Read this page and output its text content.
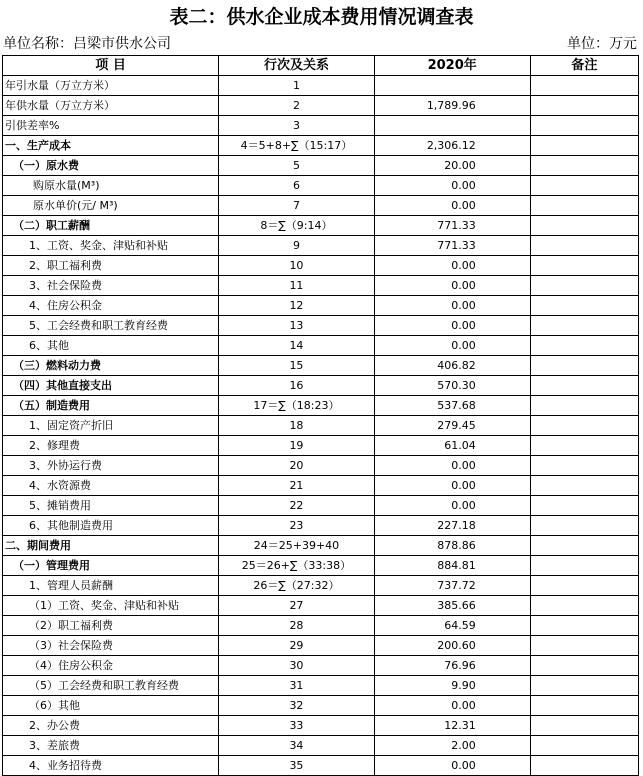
表二：供水企业成本费用情况调查表
单位名称：吕梁市供水公司	单位：万元
项 目	行次及关系	2020年	备注
年引水量（万立方米）	1		
年供水量（万立方米）	2	1,789.96	
引供差率%	3		
一、生产成本	4＝5+8+∑（15:17）	2,306.12	
（一）原水费	5	20.00	
购原水量(M³)	6	0.00	
原水单价(元/ M³)	7	0.00	
（二）职工薪酬	8＝∑（9:14）	771.33	
1、工资、奖金、津贴和补贴	9	771.33	
2、职工福利费	10	0.00	
3、社会保险费	11	0.00	
4、住房公积金	12	0.00	
5、工会经费和职工教育经费	13	0.00	
6、其他	14	0.00	
（三）燃料动力费	15	406.82	
（四）其他直接支出	16	570.30	
（五）制造费用	17＝∑（18:23）	537.68	
1、固定资产折旧	18	279.45	
2、修理费	19	61.04	
3、外协运行费	20	0.00	
4、水资源费	21	0.00	
5、摊销费用	22	0.00	
6、其他制造费用	23	227.18	
二、期间费用	24＝25+39+40	878.86	
（一）管理费用	25＝26+∑（33:38）	884.81	
1、管理人员薪酬	26＝∑（27:32）	737.72	
（1）工资、奖金、津贴和补贴	27	385.66	
（2）职工福利费	28	64.59	
（3）社会保险费	29	200.60	
（4）住房公积金	30	76.96	
（5）工会经费和职工教育经费	31	9.90	
（6）其他	32	0.00	
2、办公费	33	12.31	
3、差旅费	34	2.00	
4、业务招待费	35	0.00	
